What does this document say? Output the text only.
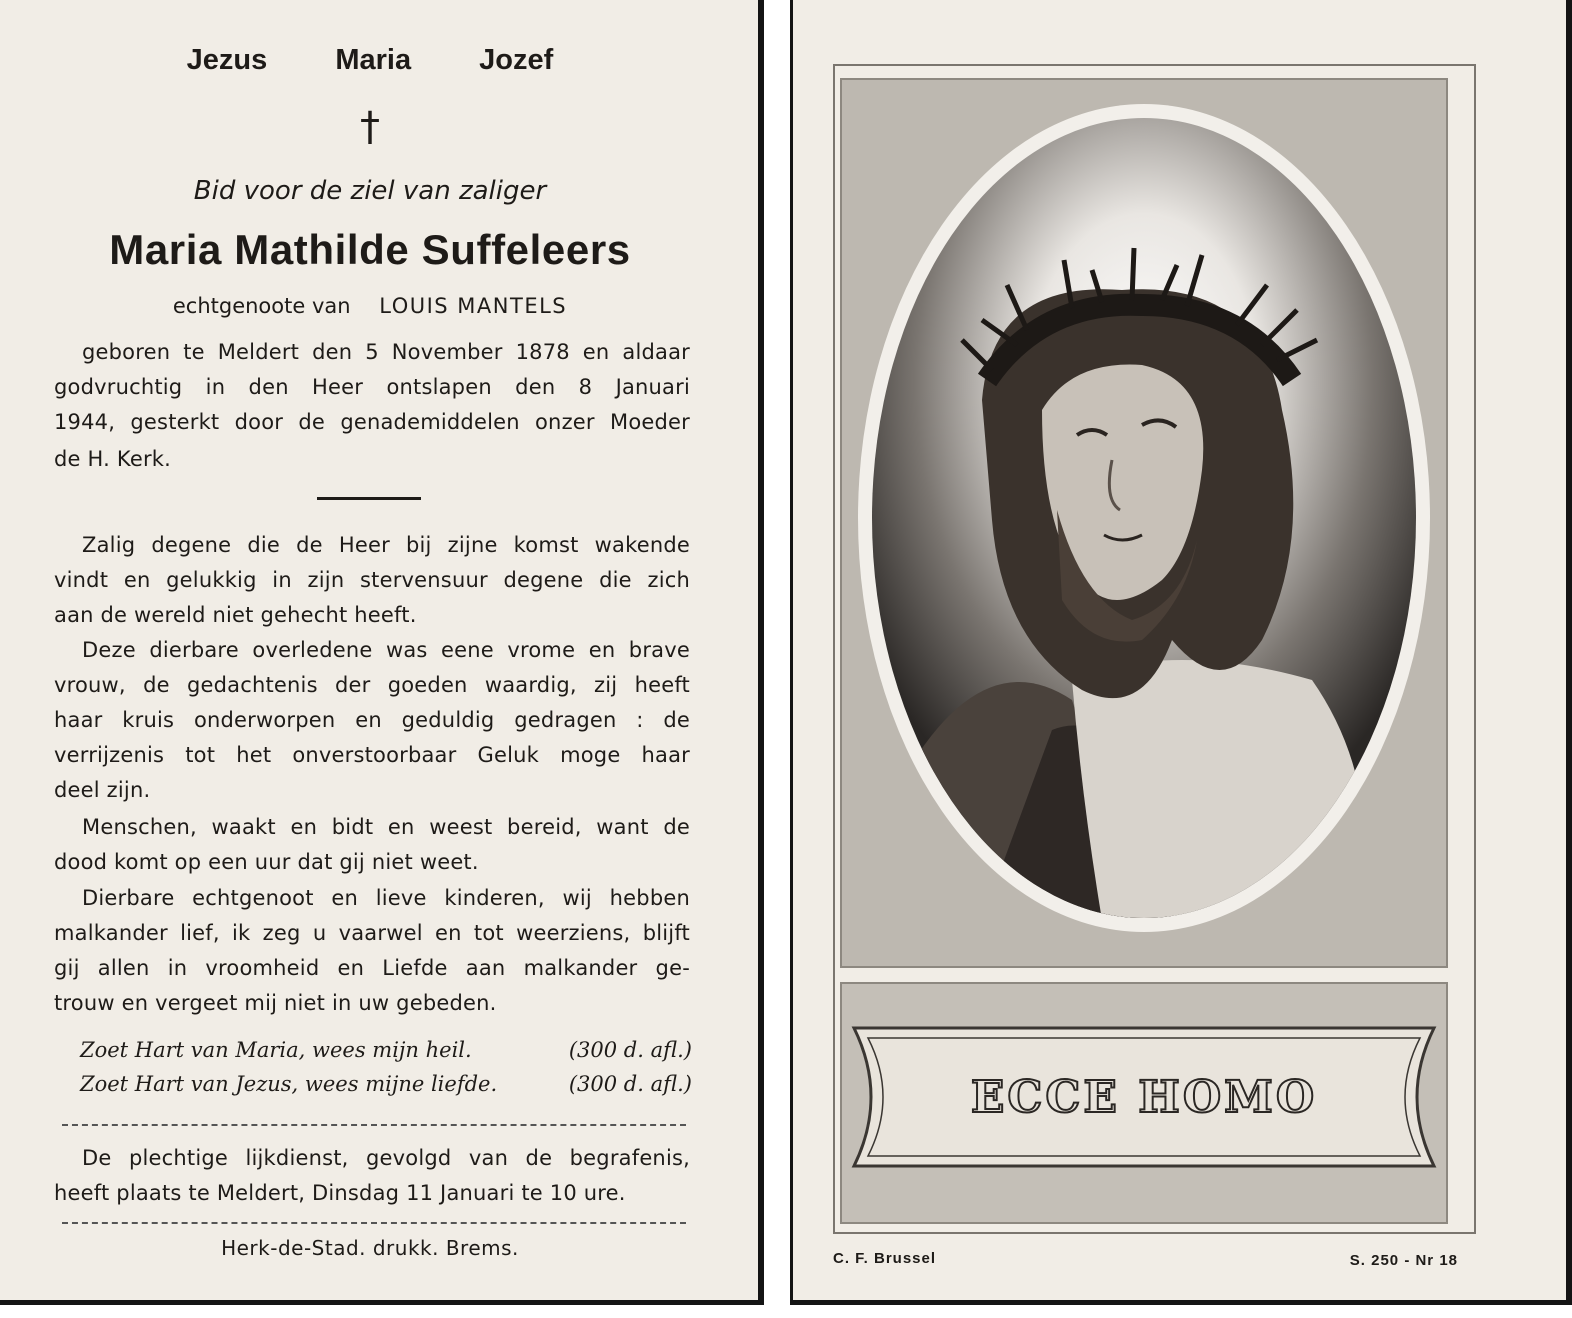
Jezus Maria Jozef
†
Bid voor de ziel van zaliger
Maria Mathilde Suffeleers
echtgenoote van LOUIS MANTELS
geboren te Meldert den 5 November 1878 en aldaar
godvruchtig in den Heer ontslapen den 8 Januari
1944, gesterkt door de genademiddelen onzer Moeder
de H. Kerk.
Zalig degene die de Heer bij zijne komst wakende
vindt en gelukkig in zijn stervensuur degene die zich
aan de wereld niet gehecht heeft.
Deze dierbare overledene was eene vrome en brave
vrouw, de gedachtenis der goeden waardig, zij heeft
haar kruis onderworpen en geduldig gedragen : de
verrijzenis tot het onverstoorbaar Geluk moge haar
deel zijn.
Menschen, waakt en bidt en weest bereid, want de
dood komt op een uur dat gij niet weet.
Dierbare echtgenoot en lieve kinderen, wij hebben
malkander lief, ik zeg u vaarwel en tot weerziens, blijft
gij allen in vroomheid en Liefde aan malkander ge-
trouw en vergeet mij niet in uw gebeden.
Zoet Hart van Maria, wees mijn heil.	(300 d. afl.)
Zoet Hart van Jezus, wees mijne liefde.	(300 d. afl.)
De plechtige lijkdienst, gevolgd van de begrafenis,
heeft plaats te Meldert, Dinsdag 11 Januari te 10 ure.
Herk-de-Stad. drukk. Brems.
ECCE HOMO
C. F. Brussel	S. 250 - Nr 18
